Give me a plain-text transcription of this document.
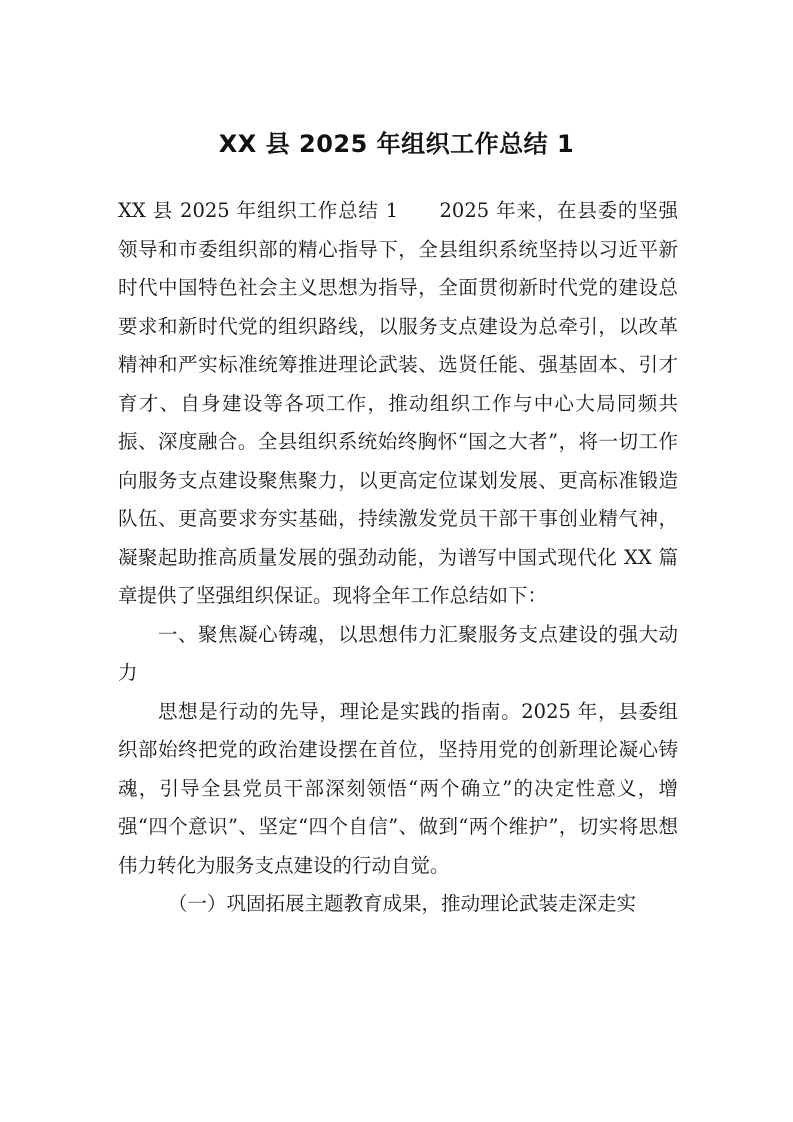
XX 县 2025 年组织工作总结 1

XX 县 2025 年组织工作总结 1　　2025 年来，在县委的坚强领导和市委组织部的精心指导下，全县组织系统坚持以习近平新时代中国特色社会主义思想为指导，全面贯彻新时代党的建设总要求和新时代党的组织路线，以服务支点建设为总牵引，以改革精神和严实标准统筹推进理论武装、选贤任能、强基固本、引才育才、自身建设等各项工作，推动组织工作与中心大局同频共振、深度融合。全县组织系统始终胸怀“国之大者”，将一切工作向服务支点建设聚焦聚力，以更高定位谋划发展、更高标准锻造队伍、更高要求夯实基础，持续激发党员干部干事创业精气神，凝聚起助推高质量发展的强劲动能，为谱写中国式现代化 XX 篇章提供了坚强组织保证。现将全年工作总结如下：

一、聚焦凝心铸魂，以思想伟力汇聚服务支点建设的强大动力

思想是行动的先导，理论是实践的指南。2025 年，县委组织部始终把党的政治建设摆在首位，坚持用党的创新理论凝心铸魂，引导全县党员干部深刻领悟“两个确立”的决定性意义，增强“四个意识”、坚定“四个自信”、做到“两个维护”，切实将思想伟力转化为服务支点建设的行动自觉。

（一）巩固拓展主题教育成果，推动理论武装走深走实
